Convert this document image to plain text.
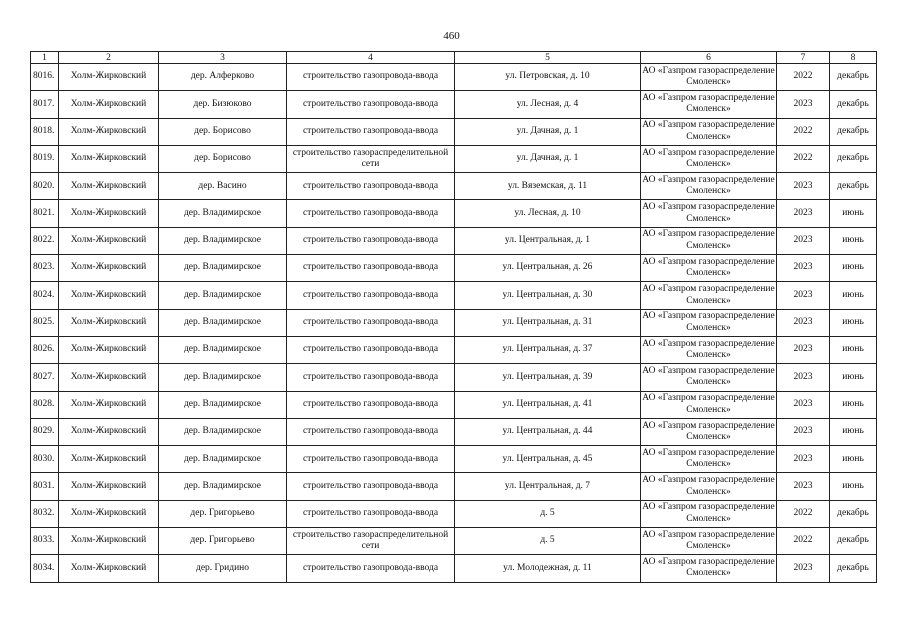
460
1	2	3	4	5	6	7	8
8016.	Холм-Жирковский	дер. Алферково	строительство газопровода-ввода	ул. Петровская, д. 10	АО «Газпром газораспределение Смоленск»	2022	декабрь
8017.	Холм-Жирковский	дер. Бизюково	строительство газопровода-ввода	ул. Лесная, д. 4	АО «Газпром газораспределение Смоленск»	2023	декабрь
8018.	Холм-Жирковский	дер. Борисово	строительство газопровода-ввода	ул. Дачная, д. 1	АО «Газпром газораспределение Смоленск»	2022	декабрь
8019.	Холм-Жирковский	дер. Борисово	строительство газораспределительной сети	ул. Дачная, д. 1	АО «Газпром газораспределение Смоленск»	2022	декабрь
8020.	Холм-Жирковский	дер. Васино	строительство газопровода-ввода	ул. Вяземская, д. 11	АО «Газпром газораспределение Смоленск»	2023	декабрь
8021.	Холм-Жирковский	дер. Владимирское	строительство газопровода-ввода	ул. Лесная, д. 10	АО «Газпром газораспределение Смоленск»	2023	июнь
8022.	Холм-Жирковский	дер. Владимирское	строительство газопровода-ввода	ул. Центральная, д. 1	АО «Газпром газораспределение Смоленск»	2023	июнь
8023.	Холм-Жирковский	дер. Владимирское	строительство газопровода-ввода	ул. Центральная, д. 26	АО «Газпром газораспределение Смоленск»	2023	июнь
8024.	Холм-Жирковский	дер. Владимирское	строительство газопровода-ввода	ул. Центральная, д. 30	АО «Газпром газораспределение Смоленск»	2023	июнь
8025.	Холм-Жирковский	дер. Владимирское	строительство газопровода-ввода	ул. Центральная, д. 31	АО «Газпром газораспределение Смоленск»	2023	июнь
8026.	Холм-Жирковский	дер. Владимирское	строительство газопровода-ввода	ул. Центральная, д. 37	АО «Газпром газораспределение Смоленск»	2023	июнь
8027.	Холм-Жирковский	дер. Владимирское	строительство газопровода-ввода	ул. Центральная, д. 39	АО «Газпром газораспределение Смоленск»	2023	июнь
8028.	Холм-Жирковский	дер. Владимирское	строительство газопровода-ввода	ул. Центральная, д. 41	АО «Газпром газораспределение Смоленск»	2023	июнь
8029.	Холм-Жирковский	дер. Владимирское	строительство газопровода-ввода	ул. Центральная, д. 44	АО «Газпром газораспределение Смоленск»	2023	июнь
8030.	Холм-Жирковский	дер. Владимирское	строительство газопровода-ввода	ул. Центральная, д. 45	АО «Газпром газораспределение Смоленск»	2023	июнь
8031.	Холм-Жирковский	дер. Владимирское	строительство газопровода-ввода	ул. Центральная, д. 7	АО «Газпром газораспределение Смоленск»	2023	июнь
8032.	Холм-Жирковский	дер. Григорьево	строительство газопровода-ввода	д. 5	АО «Газпром газораспределение Смоленск»	2022	декабрь
8033.	Холм-Жирковский	дер. Григорьево	строительство газораспределительной сети	д. 5	АО «Газпром газораспределение Смоленск»	2022	декабрь
8034.	Холм-Жирковский	дер. Гридино	строительство газопровода-ввода	ул. Молодежная, д. 11	АО «Газпром газораспределение Смоленск»	2023	декабрь
